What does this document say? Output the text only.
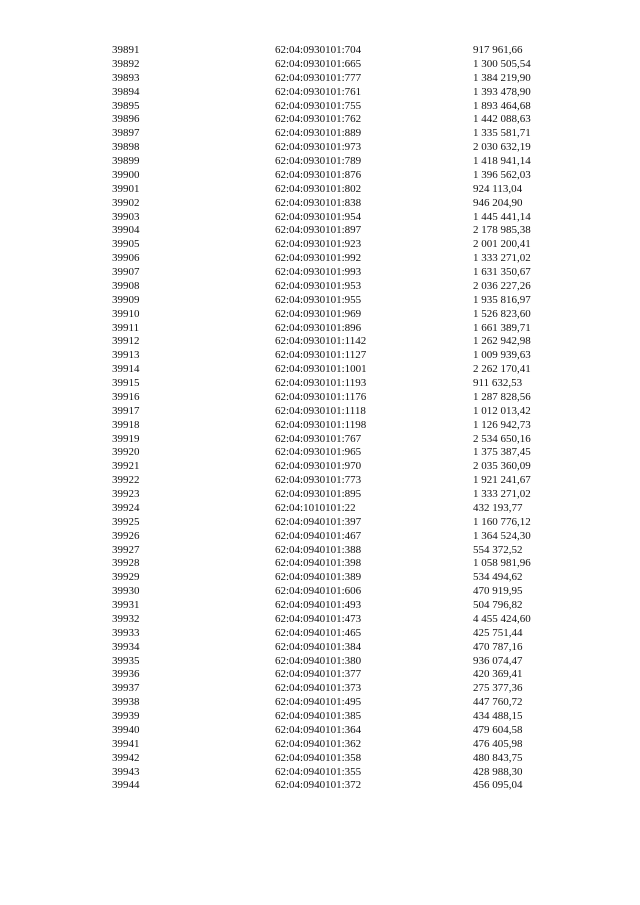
39891	62:04:0930101:704	917 961,66
39892	62:04:0930101:665	1 300 505,54
39893	62:04:0930101:777	1 384 219,90
39894	62:04:0930101:761	1 393 478,90
39895	62:04:0930101:755	1 893 464,68
39896	62:04:0930101:762	1 442 088,63
39897	62:04:0930101:889	1 335 581,71
39898	62:04:0930101:973	2 030 632,19
39899	62:04:0930101:789	1 418 941,14
39900	62:04:0930101:876	1 396 562,03
39901	62:04:0930101:802	924 113,04
39902	62:04:0930101:838	946 204,90
39903	62:04:0930101:954	1 445 441,14
39904	62:04:0930101:897	2 178 985,38
39905	62:04:0930101:923	2 001 200,41
39906	62:04:0930101:992	1 333 271,02
39907	62:04:0930101:993	1 631 350,67
39908	62:04:0930101:953	2 036 227,26
39909	62:04:0930101:955	1 935 816,97
39910	62:04:0930101:969	1 526 823,60
39911	62:04:0930101:896	1 661 389,71
39912	62:04:0930101:1142	1 262 942,98
39913	62:04:0930101:1127	1 009 939,63
39914	62:04:0930101:1001	2 262 170,41
39915	62:04:0930101:1193	911 632,53
39916	62:04:0930101:1176	1 287 828,56
39917	62:04:0930101:1118	1 012 013,42
39918	62:04:0930101:1198	1 126 942,73
39919	62:04:0930101:767	2 534 650,16
39920	62:04:0930101:965	1 375 387,45
39921	62:04:0930101:970	2 035 360,09
39922	62:04:0930101:773	1 921 241,67
39923	62:04:0930101:895	1 333 271,02
39924	62:04:1010101:22	432 193,77
39925	62:04:0940101:397	1 160 776,12
39926	62:04:0940101:467	1 364 524,30
39927	62:04:0940101:388	554 372,52
39928	62:04:0940101:398	1 058 981,96
39929	62:04:0940101:389	534 494,62
39930	62:04:0940101:606	470 919,95
39931	62:04:0940101:493	504 796,82
39932	62:04:0940101:473	4 455 424,60
39933	62:04:0940101:465	425 751,44
39934	62:04:0940101:384	470 787,16
39935	62:04:0940101:380	936 074,47
39936	62:04:0940101:377	420 369,41
39937	62:04:0940101:373	275 377,36
39938	62:04:0940101:495	447 760,72
39939	62:04:0940101:385	434 488,15
39940	62:04:0940101:364	479 604,58
39941	62:04:0940101:362	476 405,98
39942	62:04:0940101:358	480 843,75
39943	62:04:0940101:355	428 988,30
39944	62:04:0940101:372	456 095,04
